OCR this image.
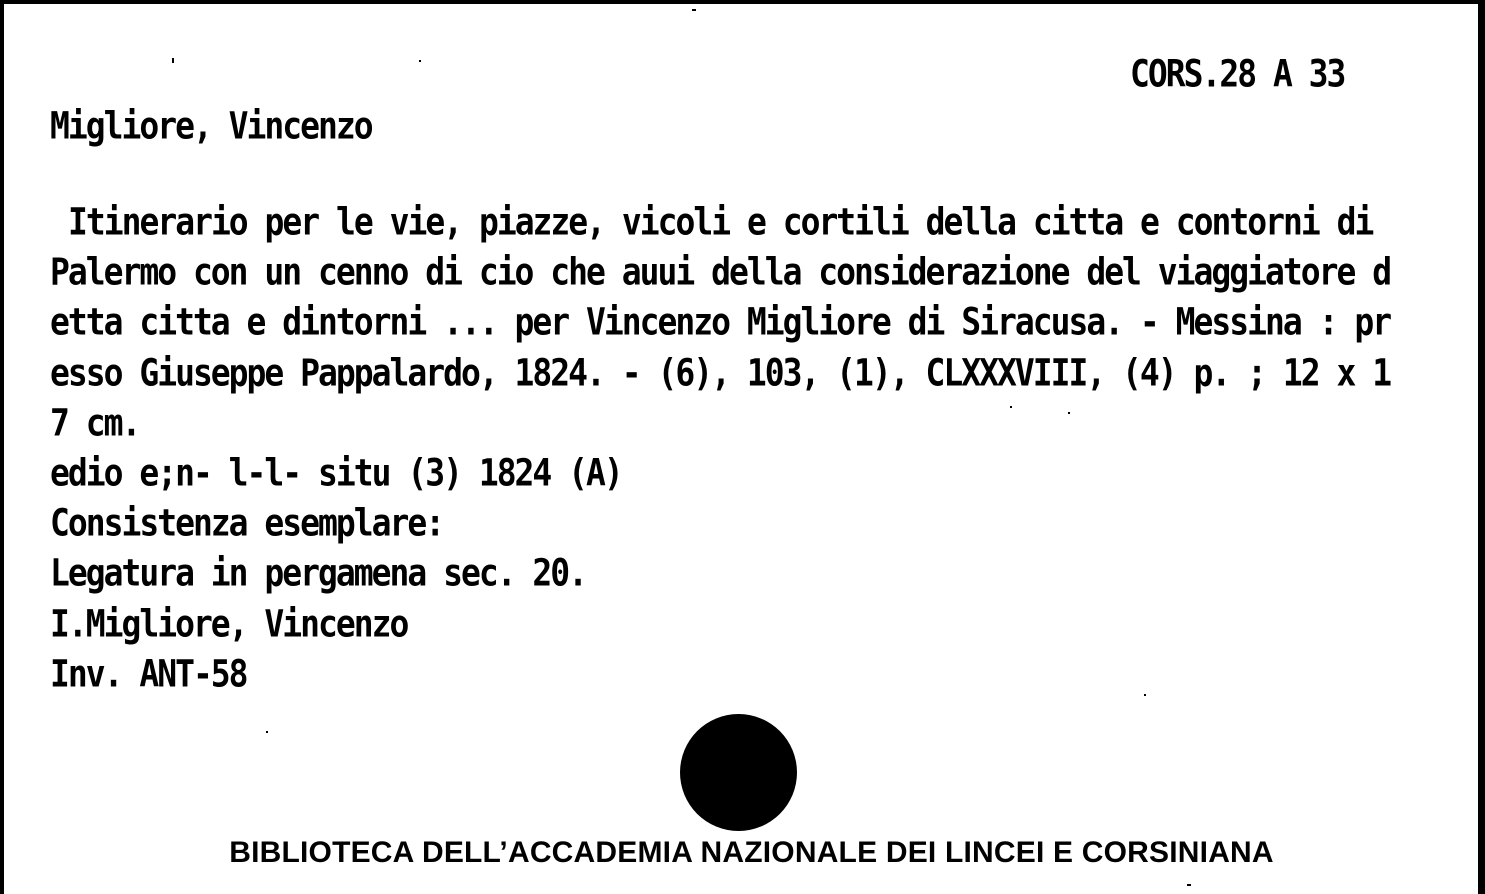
CORS.28 A 33
Migliore, Vincenzo
Itinerario per le vie, piazze, vicoli e cortili della citta e contorni di
Palermo con un cenno di cio che auui della considerazione del viaggiatore d
etta citta e dintorni ... per Vincenzo Migliore di Siracusa. - Messina : pr
esso Giuseppe Pappalardo, 1824. - (6), 103, (1), CLXXXVIII, (4) p. ; 12 x 1
7 cm.
edio e;n- l-l- situ (3) 1824 (A)
Consistenza esemplare:
Legatura in pergamena sec. 20.
I.Migliore, Vincenzo
Inv. ANT-58
BIBLIOTECA DELL’ACCADEMIA NAZIONALE DEI LINCEI E CORSINIANA
